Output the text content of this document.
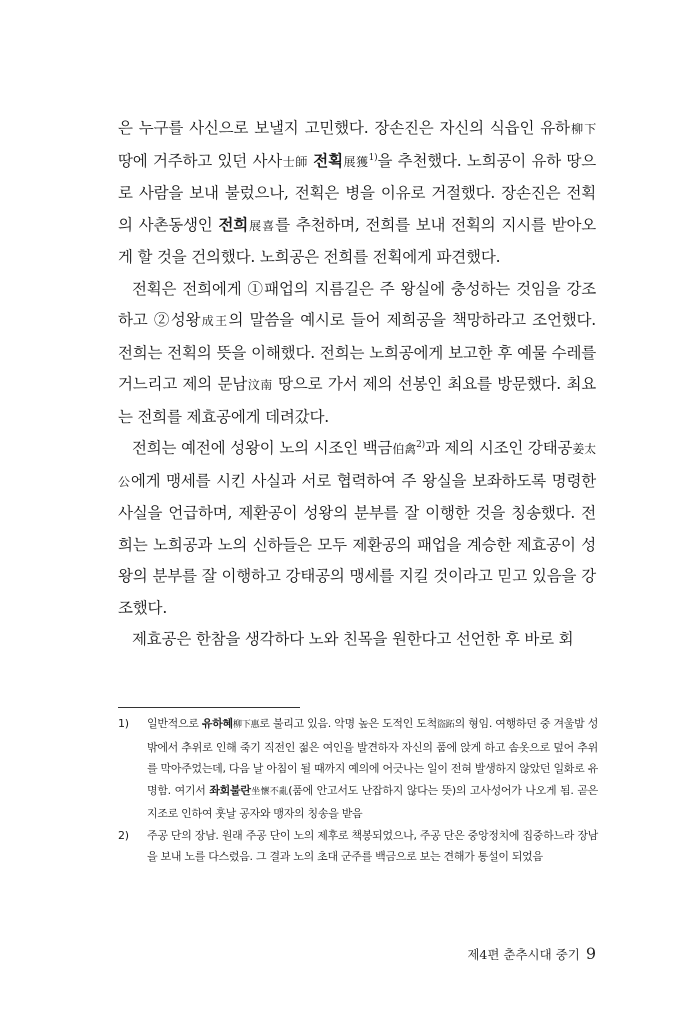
은 누구를 사신으로 보낼지 고민했다. 장손진은 자신의 식읍인 유하柳下 땅에 거주하고 있던 사사士師 전획展獲$^{1)}$을 추천했다. 노희공이 유하 땅으로 사람을 보내 불렀으나, 전획은 병을 이유로 거절했다. 장손진은 전획의 사촌동생인 전희展喜를 추천하며, 전희를 보내 전획의 지시를 받아오게 할 것을 건의했다. 노희공은 전희를 전획에게 파견했다.

전획은 전희에게 ①패업의 지름길은 주 왕실에 충성하는 것임을 강조하고 ②성왕成王의 말씀을 예시로 들어 제희공을 책망하라고 조언했다. 전희는 전획의 뜻을 이해했다. 전희는 노희공에게 보고한 후 예물 수레를 거느리고 제의 문남汶南 땅으로 가서 제의 선봉인 최요를 방문했다. 최요는 전희를 제효공에게 데려갔다.

전희는 예전에 성왕이 노의 시조인 백금伯禽$^{2)}$과 제의 시조인 강태공姜太公에게 맹세를 시킨 사실과 서로 협력하여 주 왕실을 보좌하도록 명령한 사실을 언급하며, 제환공이 성왕의 분부를 잘 이행한 것을 칭송했다. 전희는 노희공과 노의 신하들은 모두 제환공의 패업을 계승한 제효공이 성왕의 분부를 잘 이행하고 강태공의 맹세를 지킬 것이라고 믿고 있음을 강조했다.

제효공은 한참을 생각하다 노와 친목을 원한다고 선언한 후 바로 회

1)	일반적으로 유하혜柳下惠로 불리고 있음. 악명 높은 도적인 도척盜跖의 형임. 여행하던 중 겨울밤 성 밖에서 추위로 인해 죽기 직전인 젊은 여인을 발견하자 자신의 품에 앉게 하고 솜옷으로 덮어 추위를 막아주었는데, 다음 날 아침이 될 때까지 예의에 어긋나는 일이 전혀 발생하지 않았던 일화로 유명함. 여기서 좌회불란坐懷不亂(품에 안고서도 난잡하지 않다는 뜻)의 고사성어가 나오게 됨. 곧은 지조로 인하여 훗날 공자와 맹자의 칭송을 받음
2)	주공 단의 장남. 원래 주공 단이 노의 제후로 책봉되었으나, 주공 단은 중앙정치에 집중하느라 장남을 보내 노를 다스렸음. 그 결과 노의 초대 군주를 백금으로 보는 견해가 통설이 되었음
제4편 춘추시대 중기 9
